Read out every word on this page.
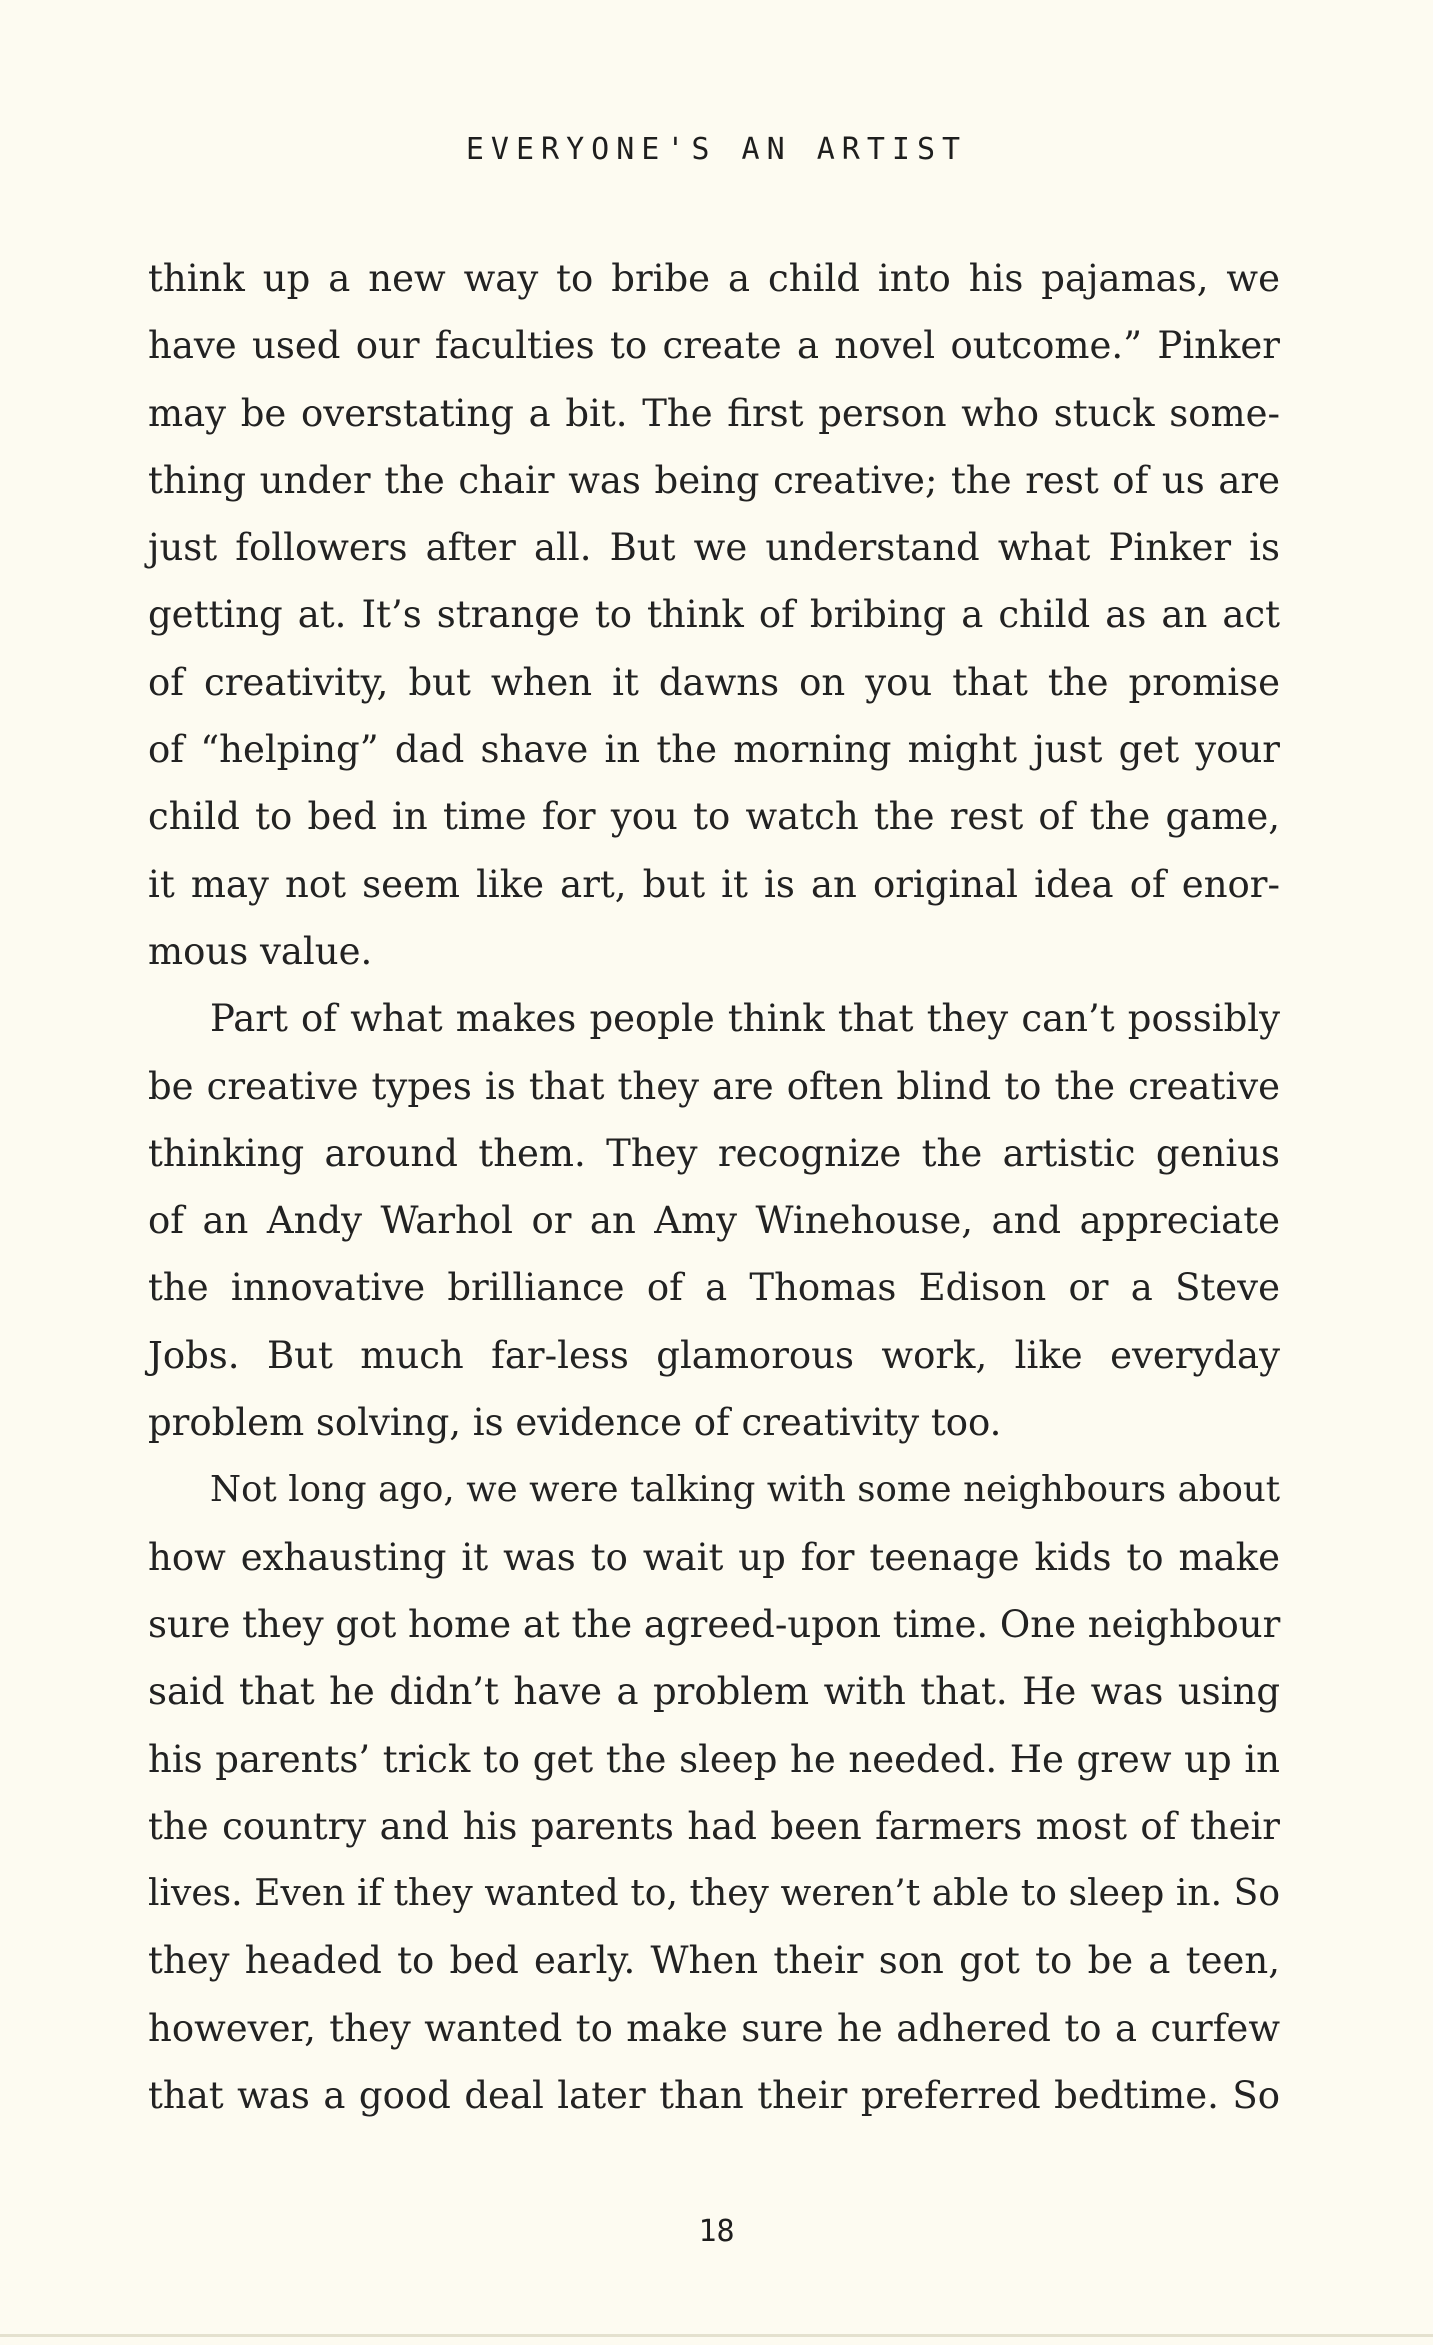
EVERYONE'S AN ARTIST
think up a new way to bribe a child into his pajamas, we
have used our faculties to create a novel outcome.” Pinker
may be overstating a bit. The first person who stuck some-
thing under the chair was being creative; the rest of us are
just followers after all. But we understand what Pinker is
getting at. It’s strange to think of bribing a child as an act
of creativity, but when it dawns on you that the promise
of “helping” dad shave in the morning might just get your
child to bed in time for you to watch the rest of the game,
it may not seem like art, but it is an original idea of enor-
mous value.
Part of what makes people think that they can’t possibly
be creative types is that they are often blind to the creative
thinking around them. They recognize the artistic genius
of an Andy Warhol or an Amy Winehouse, and appreciate
the innovative brilliance of a Thomas Edison or a Steve
Jobs. But much far-less glamorous work, like everyday
problem solving, is evidence of creativity too.
Not long ago, we were talking with some neighbours about
how exhausting it was to wait up for teenage kids to make
sure they got home at the agreed-upon time. One neighbour
said that he didn’t have a problem with that. He was using
his parents’ trick to get the sleep he needed. He grew up in
the country and his parents had been farmers most of their
lives. Even if they wanted to, they weren’t able to sleep in. So
they headed to bed early. When their son got to be a teen,
however, they wanted to make sure he adhered to a curfew
that was a good deal later than their preferred bedtime. So
18
